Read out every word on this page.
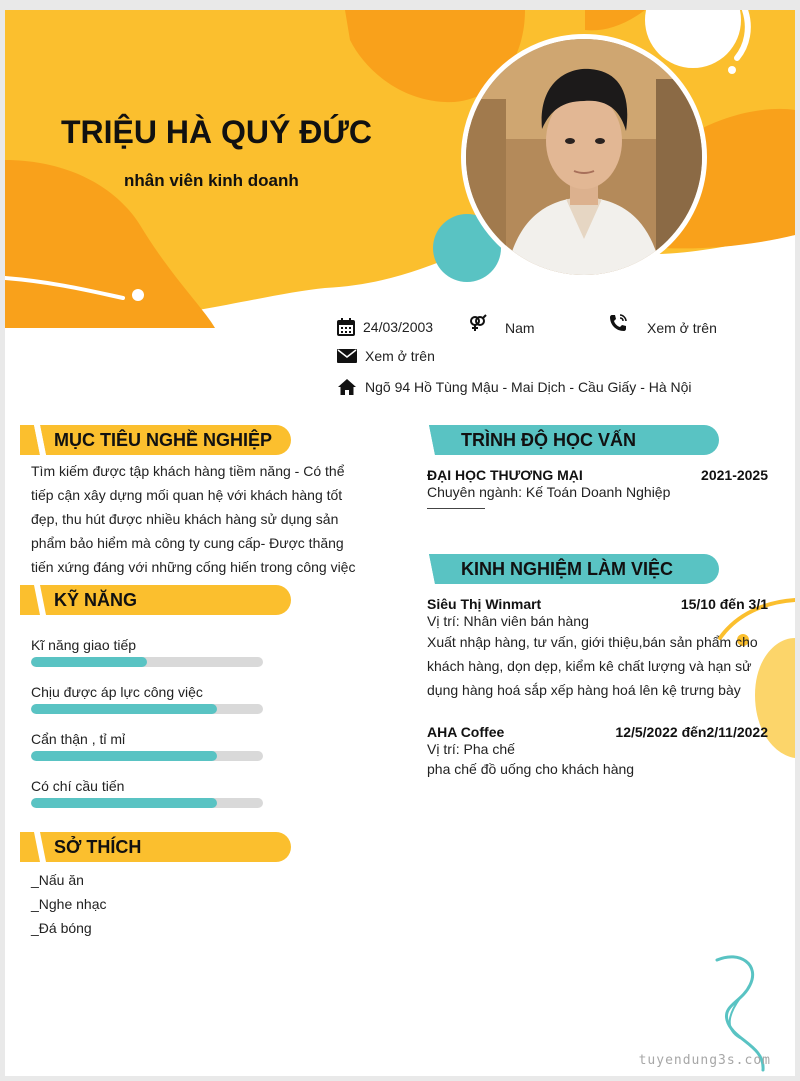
TRIỆU HÀ QUÝ ĐỨC
nhân viên kinh doanh
24/03/2003	Nam	Xem ở trên
Xem ở trên
Ngõ 94 Hồ Tùng Mậu - Mai Dịch - Cầu Giấy - Hà Nội
MỤC TIÊU NGHỀ NGHIỆP
Tìm kiếm được tập khách hàng tiềm năng - Có thể tiếp cận xây dựng mối quan hệ với khách hàng tốt đẹp, thu hút được nhiều khách hàng sử dụng sản phẩm bảo hiểm mà công ty cung cấp- Được thăng tiến xứng đáng với những cống hiến trong công việc
KỸ NĂNG
Kĩ năng giao tiếp
Chịu được áp lực công việc
Cẩn thận , tỉ mỉ
Có chí cầu tiến
SỞ THÍCH
_Nấu ăn
_Nghe nhạc
_Đá bóng
TRÌNH ĐỘ HỌC VẤN
ĐẠI HỌC THƯƠNG MẠI	2021-2025
Chuyên ngành: Kế Toán Doanh Nghiệp
KINH NGHIỆM LÀM VIỆC
Siêu Thị Winmart	15/10 đến 3/1
Vị trí: Nhân viên bán hàng
Xuất nhập hàng, tư vấn, giới thiệu,bán sản phẩm cho khách hàng, dọn dẹp, kiểm kê chất lượng và hạn sử dụng hàng hoá sắp xếp hàng hoá lên kệ trưng bày
AHA Coffee	12/5/2022 đến2/11/2022
Vị trí: Pha chế
pha chế đồ uống cho khách hàng
tuyendung3s.com
